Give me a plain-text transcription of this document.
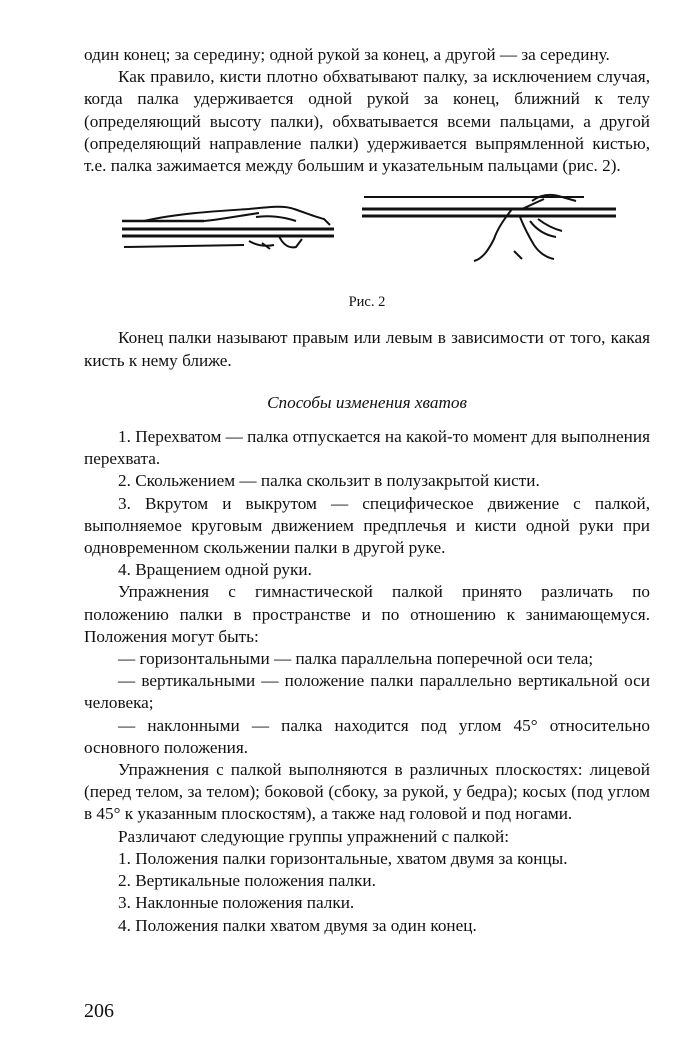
один конец; за середину; одной рукой за конец, а другой — за середину.

Как правило, кисти плотно обхватывают палку, за исключением случая, когда палка удерживается одной рукой за конец, ближний к телу (определяющий высоту палки), обхватывается всеми пальцами, а другой (определяющий направление палки) удерживается выпрямленной кистью, т.е. палка зажимается между большим и указательным пальцами (рис. 2).

Рис. 2

Конец палки называют правым или левым в зависимости от того, какая кисть к нему ближе.

Способы изменения хватов

1. Перехватом — палка отпускается на какой-то момент для выполнения перехвата.

2. Скольжением — палка скользит в полузакрытой кисти.

3. Вкрутом и выкрутом — специфическое движение с палкой, выполняемое круговым движением предплечья и кисти одной руки при одновременном скольжении палки в другой руке.

4. Вращением одной руки.

Упражнения с гимнастической палкой принято различать по положению палки в пространстве и по отношению к занимающемуся. Положения могут быть:

— горизонтальными — палка параллельна поперечной оси тела;

— вертикальными — положение палки параллельно вертикальной оси человека;

— наклонными — палка находится под углом 45° относительно основного положения.

Упражнения с палкой выполняются в различных плоскостях: лицевой (перед телом, за телом); боковой (сбоку, за рукой, у бедра); косых (под углом в 45° к указанным плоскостям), а также над головой и под ногами.

Различают следующие группы упражнений с палкой:

1. Положения палки горизонтальные, хватом двумя за концы.

2. Вертикальные положения палки.

3. Наклонные положения палки.

4. Положения палки хватом двумя за один конец.

206
